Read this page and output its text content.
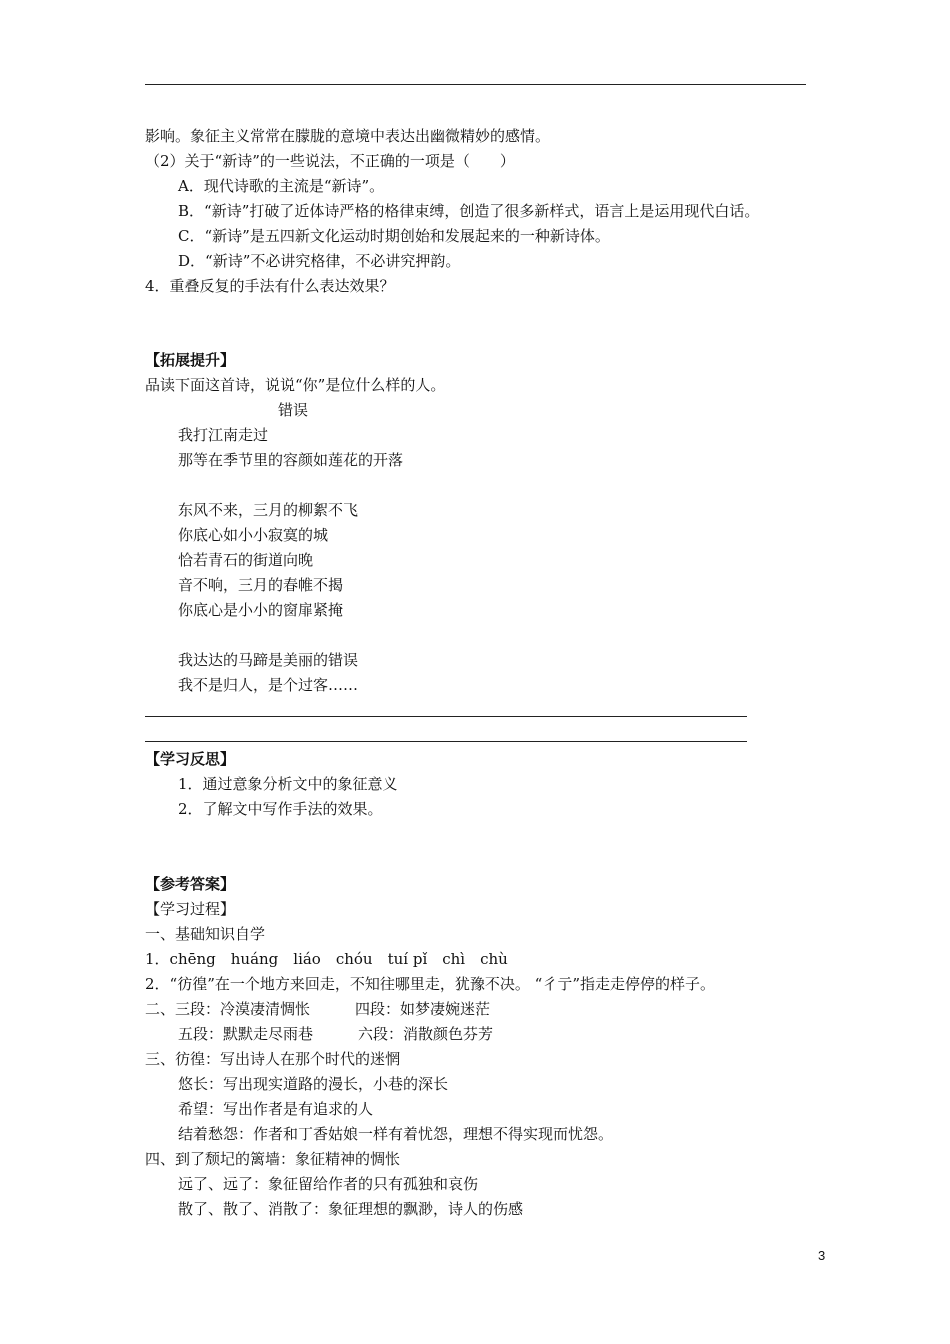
影响。象征主义常常在朦胧的意境中表达出幽微精妙的感情。
（2）关于“新诗”的一些说法，不正确的一项是（　　）
A．现代诗歌的主流是“新诗”。
B．“新诗”打破了近体诗严格的格律束缚，创造了很多新样式，语言上是运用现代白话。
C．“新诗”是五四新文化运动时期创始和发展起来的一种新诗体。
D．“新诗”不必讲究格律，不必讲究押韵。
4．重叠反复的手法有什么表达效果？
【拓展提升】
品读下面这首诗，说说“你”是位什么样的人。
错误
我打江南走过
那等在季节里的容颜如莲花的开落
东风不来，三月的柳絮不飞
你底心如小小寂寞的城
恰若青石的街道向晚
音不响，三月的春帷不揭
你底心是小小的窗扉紧掩
我达达的马蹄是美丽的错误
我不是归人，是个过客……
【学习反思】
1．通过意象分析文中的象征意义
2．了解文中写作手法的效果。
【参考答案】
【学习过程】
一、基础知识自学
1．chēng　huáng　liáo　chóu　tuí pǐ　chì　chù
2．“彷徨”在一个地方来回走，不知往哪里走，犹豫不决。 “彳亍”指走走停停的样子。
二、三段：冷漠凄清惆怅　　　四段：如梦凄婉迷茫
五段：默默走尽雨巷　　　六段：消散颜色芬芳
三、彷徨：写出诗人在那个时代的迷惘
悠长：写出现实道路的漫长，小巷的深长
希望：写出作者是有追求的人
结着愁怨：作者和丁香姑娘一样有着忧怨，理想不得实现而忧怨。
四、到了颓圮的篱墙：象征精神的惆怅
远了、远了：象征留给作者的只有孤独和哀伤
散了、散了、消散了：象征理想的飘渺，诗人的伤感
3
